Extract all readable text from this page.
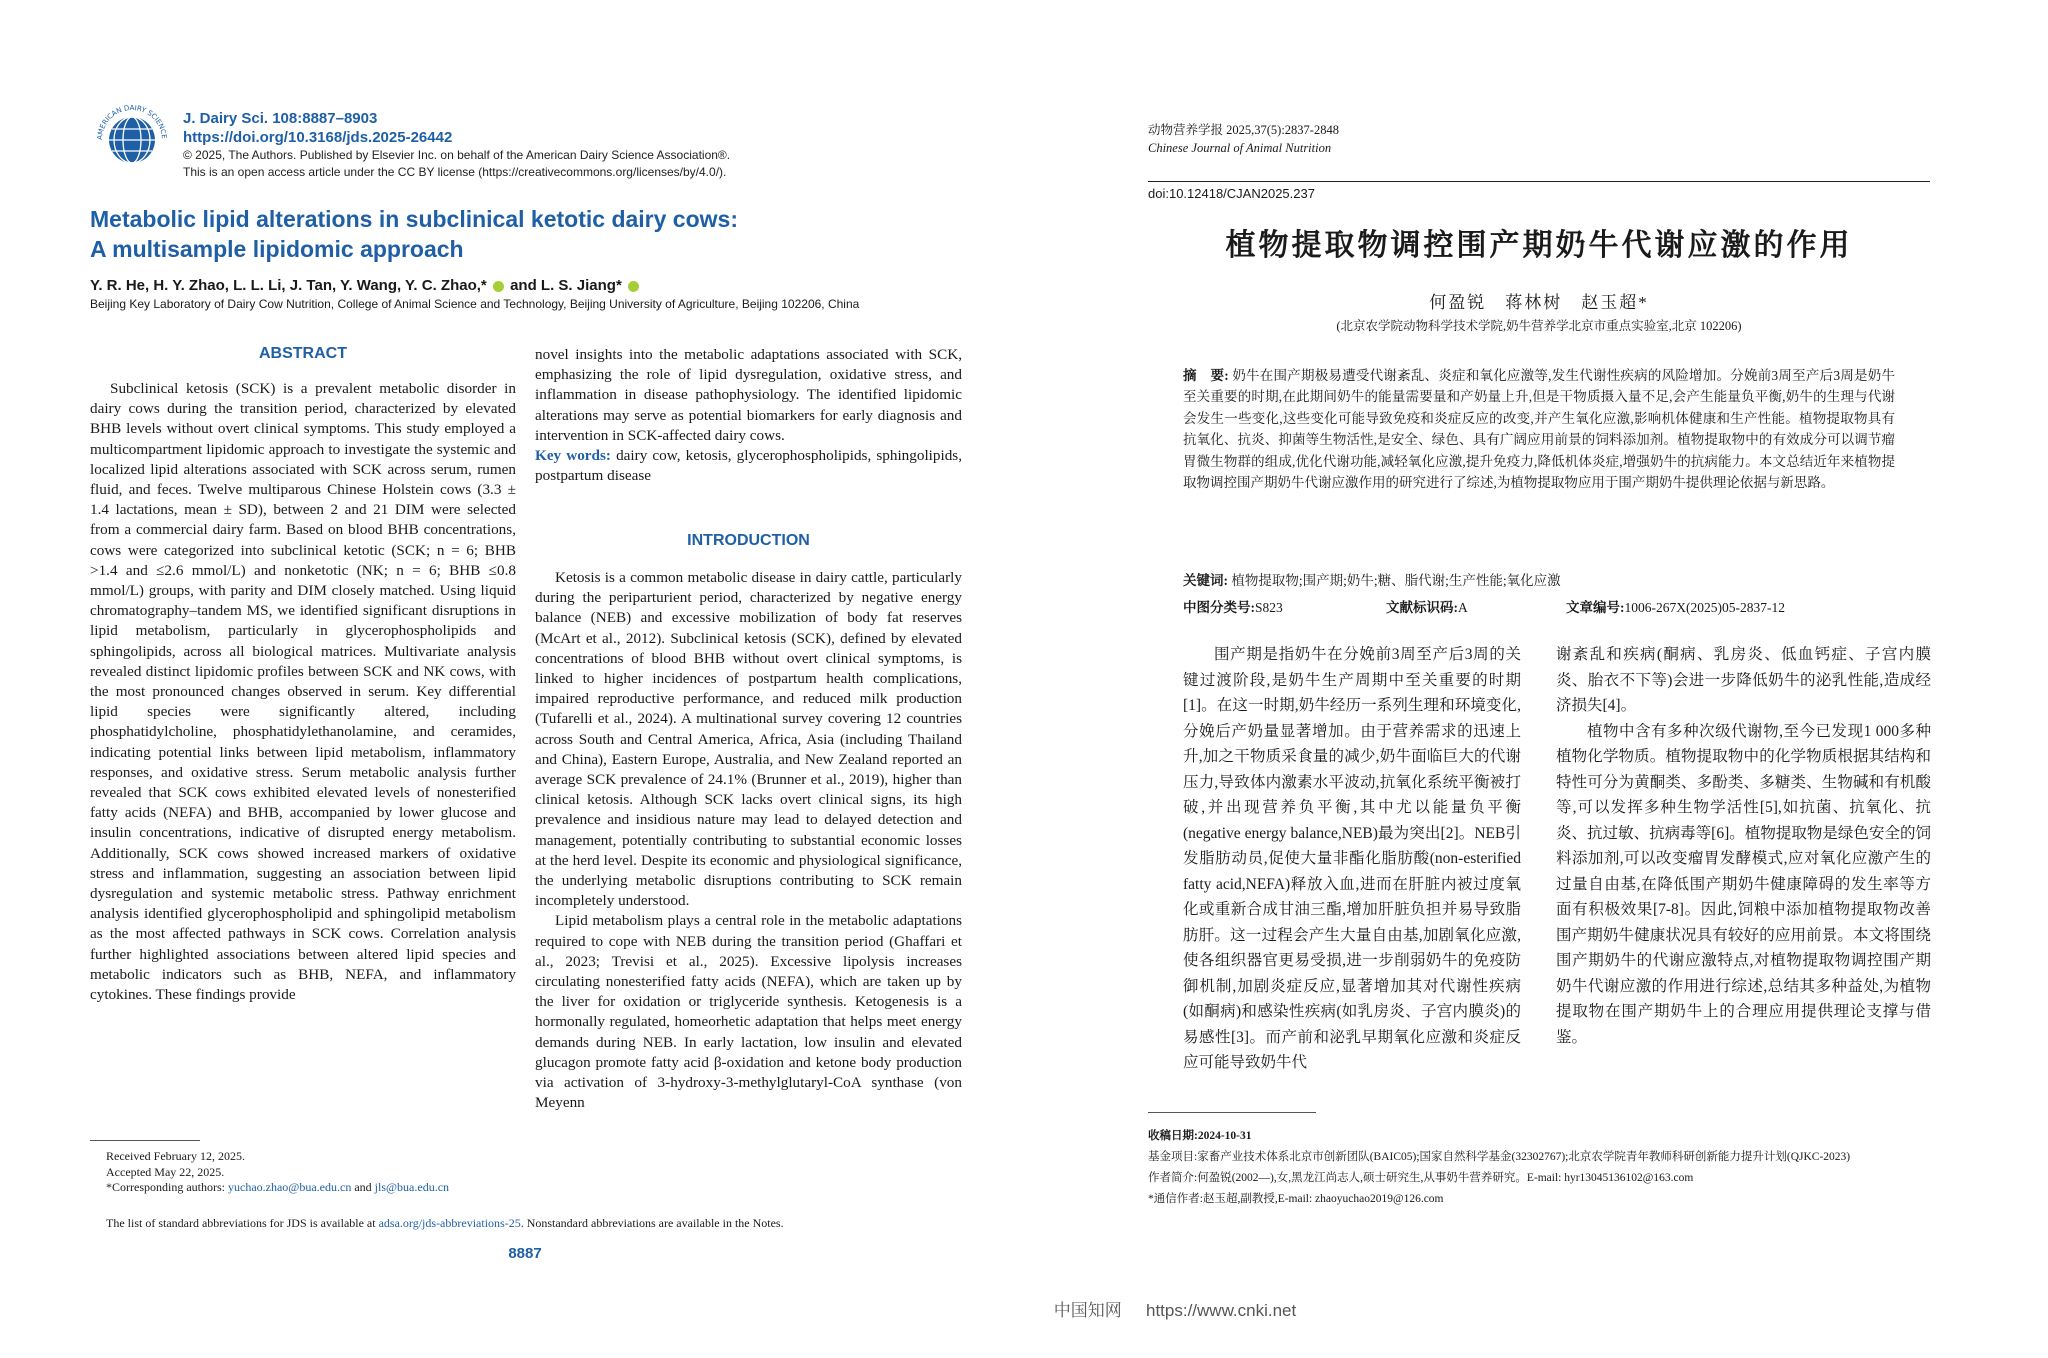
AMERICAN DAIRY SCIENCE
J. Dairy Sci. 108:8887–8903
https://doi.org/10.3168/jds.2025-26442
© 2025, The Authors. Published by Elsevier Inc. on behalf of the American Dairy Science Association®.
This is an open access article under the CC BY license (https://creativecommons.org/licenses/by/4.0/).
Metabolic lipid alterations in subclinical ketotic dairy cows:
A multisample lipidomic approach
Y. R. He, H. Y. Zhao, L. L. Li, J. Tan, Y. Wang, Y. C. Zhao,* and L. S. Jiang*
Beijing Key Laboratory of Dairy Cow Nutrition, College of Animal Science and Technology, Beijing University of Agriculture, Beijing 102206, China
ABSTRACT

Subclinical ketosis (SCK) is a prevalent metabolic disorder in dairy cows during the transition period, characterized by elevated BHB levels without overt clinical symptoms. This study employed a multicompartment lipidomic approach to investigate the systemic and localized lipid alterations associated with SCK across serum, rumen fluid, and feces. Twelve multiparous Chinese Holstein cows (3.3 ± 1.4 lactations, mean ± SD), between 2 and 21 DIM were selected from a commercial dairy farm. Based on blood BHB concentrations, cows were categorized into subclinical ketotic (SCK; n = 6; BHB >1.4 and ≤2.6 mmol/L) and nonketotic (NK; n = 6; BHB ≤0.8 mmol/L) groups, with parity and DIM closely matched. Using liquid chromatography–tandem MS, we identified significant disruptions in lipid metabolism, particularly in glycerophospholipids and sphingolipids, across all biological matrices. Multivariate analysis revealed distinct lipidomic profiles between SCK and NK cows, with the most pronounced changes observed in serum. Key differential lipid species were significantly altered, including phosphatidylcholine, phosphatidylethanolamine, and ceramides, indicating potential links between lipid metabolism, inflammatory responses, and oxidative stress. Serum metabolic analysis further revealed that SCK cows exhibited elevated levels of nonesterified fatty acids (NEFA) and BHB, accompanied by lower glucose and insulin concentrations, indicative of disrupted energy metabolism. Additionally, SCK cows showed increased markers of oxidative stress and inflammation, suggesting an association between lipid dysregulation and systemic metabolic stress. Pathway enrichment analysis identified glycerophospholipid and sphingolipid metabolism as the most affected pathways in SCK cows. Correlation analysis further highlighted associations between altered lipid species and metabolic indicators such as BHB, NEFA, and inflammatory cytokines. These findings provide

novel insights into the metabolic adaptations associated with SCK, emphasizing the role of lipid dysregulation, oxidative stress, and inflammation in disease pathophysiology. The identified lipidomic alterations may serve as potential biomarkers for early diagnosis and intervention in SCK-affected dairy cows.

Key words: dairy cow, ketosis, glycerophospholipids, sphingolipids, postpartum disease

INTRODUCTION

Ketosis is a common metabolic disease in dairy cattle, particularly during the periparturient period, characterized by negative energy balance (NEB) and excessive mobilization of body fat reserves (McArt et al., 2012). Subclinical ketosis (SCK), defined by elevated concentrations of blood BHB without overt clinical symptoms, is linked to higher incidences of postpartum health complications, impaired reproductive performance, and reduced milk production (Tufarelli et al., 2024). A multinational survey covering 12 countries across South and Central America, Africa, Asia (including Thailand and China), Eastern Europe, Australia, and New Zealand reported an average SCK prevalence of 24.1% (Brunner et al., 2019), higher than clinical ketosis. Although SCK lacks overt clinical signs, its high prevalence and insidious nature may lead to delayed detection and management, potentially contributing to substantial economic losses at the herd level. Despite its economic and physiological significance, the underlying metabolic disruptions contributing to SCK remain incompletely understood.

Lipid metabolism plays a central role in the metabolic adaptations required to cope with NEB during the transition period (Ghaffari et al., 2023; Trevisi et al., 2025). Excessive lipolysis increases circulating nonesterified fatty acids (NEFA), which are taken up by the liver for oxidation or triglyceride synthesis. Ketogenesis is a hormonally regulated, homeorhetic adaptation that helps meet energy demands during NEB. In early lactation, low insulin and elevated glucagon promote fatty acid β-oxidation and ketone body production via activation of 3-hydroxy-3-methylglutaryl-CoA synthase (von Meyenn

Received February 12, 2025.
Accepted May 22, 2025.
*Corresponding authors: yuchao.zhao@bua.edu.cn and jls@bua.edu.cn
The list of standard abbreviations for JDS is available at adsa.org/jds-abbreviations-25. Nonstandard abbreviations are available in the Notes.
8887
动物营养学报 2025,37(5):2837-2848
Chinese Journal of Animal Nutrition
doi:10.12418/CJAN2025.237
植物提取物调控围产期奶牛代谢应激的作用
何盈锐　蒋林树　赵玉超*
(北京农学院动物科学技术学院,奶牛营养学北京市重点实验室,北京 102206)
摘　要: 奶牛在围产期极易遭受代谢紊乱、炎症和氧化应激等,发生代谢性疾病的风险增加。分娩前3周至产后3周是奶牛至关重要的时期,在此期间奶牛的能量需要量和产奶量上升,但是干物质摄入量不足,会产生能量负平衡,奶牛的生理与代谢会发生一些变化,这些变化可能导致免疫和炎症反应的改变,并产生氧化应激,影响机体健康和生产性能。植物提取物具有抗氧化、抗炎、抑菌等生物活性,是安全、绿色、具有广阔应用前景的饲料添加剂。植物提取物中的有效成分可以调节瘤胃微生物群的组成,优化代谢功能,减轻氧化应激,提升免疫力,降低机体炎症,增强奶牛的抗病能力。本文总结近年来植物提取物调控围产期奶牛代谢应激作用的研究进行了综述,为植物提取物应用于围产期奶牛提供理论依据与新思路。
关键词: 植物提取物;围产期;奶牛;糖、脂代谢;生产性能;氧化应激
中图分类号:S823	文献标识码:A	文章编号:1006-267X(2025)05-2837-12

围产期是指奶牛在分娩前3周至产后3周的关键过渡阶段,是奶牛生产周期中至关重要的时期[1]。在这一时期,奶牛经历一系列生理和环境变化,分娩后产奶量显著增加。由于营养需求的迅速上升,加之干物质采食量的减少,奶牛面临巨大的代谢压力,导致体内激素水平波动,抗氧化系统平衡被打破,并出现营养负平衡,其中尤以能量负平衡(negative energy balance,NEB)最为突出[2]。NEB引发脂肪动员,促使大量非酯化脂肪酸(non-esterified fatty acid,NEFA)释放入血,进而在肝脏内被过度氧化或重新合成甘油三酯,增加肝脏负担并易导致脂肪肝。这一过程会产生大量自由基,加剧氧化应激,使各组织器官更易受损,进一步削弱奶牛的免疫防御机制,加剧炎症反应,显著增加其对代谢性疾病(如酮病)和感染性疾病(如乳房炎、子宫内膜炎)的易感性[3]。而产前和泌乳早期氧化应激和炎症反应可能导致奶牛代

谢紊乱和疾病(酮病、乳房炎、低血钙症、子宫内膜炎、胎衣不下等)会进一步降低奶牛的泌乳性能,造成经济损失[4]。

植物中含有多种次级代谢物,至今已发现1 000多种植物化学物质。植物提取物中的化学物质根据其结构和特性可分为黄酮类、多酚类、多糖类、生物碱和有机酸等,可以发挥多种生物学活性[5],如抗菌、抗氧化、抗炎、抗过敏、抗病毒等[6]。植物提取物是绿色安全的饲料添加剂,可以改变瘤胃发酵模式,应对氧化应激产生的过量自由基,在降低围产期奶牛健康障碍的发生率等方面有积极效果[7-8]。因此,饲粮中添加植物提取物改善围产期奶牛健康状况具有较好的应用前景。本文将围绕围产期奶牛的代谢应激特点,对植物提取物调控围产期奶牛代谢应激的作用进行综述,总结其多种益处,为植物提取物在围产期奶牛上的合理应用提供理论支撑与借鉴。

收稿日期:2024-10-31
基金项目:家畜产业技术体系北京市创新团队(BAIC05);国家自然科学基金(32302767);北京农学院青年教师科研创新能力提升计划(QJKC-2023)
作者简介:何盈锐(2002—),女,黑龙江尚志人,硕士研究生,从事奶牛营养研究。E-mail: hyr13045136102@163.com
*通信作者:赵玉超,副教授,E-mail: zhaoyuchao2019@126.com
中国知网 https://www.cnki.net
